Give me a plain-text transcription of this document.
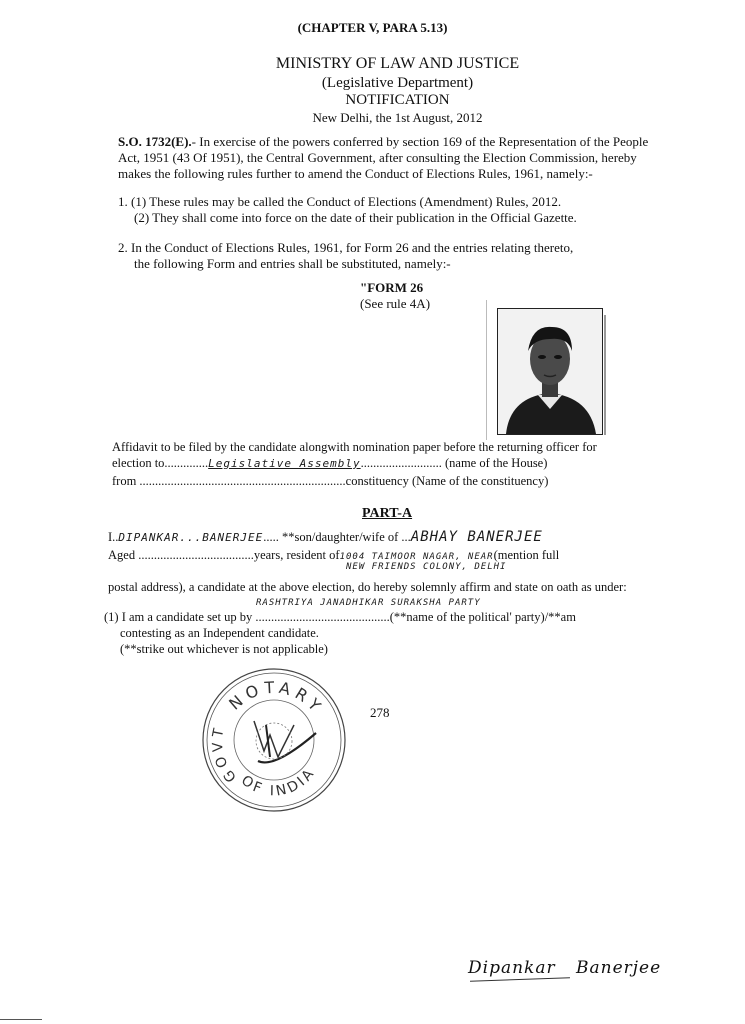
(CHAPTER V, PARA 5.13)
MINISTRY OF LAW AND JUSTICE
(Legislative Department)
NOTIFICATION
New Delhi, the 1st August, 2012
S.O. 1732(E).- In exercise of the powers conferred by section 169 of the Representation of the People
Act, 1951 (43 Of 1951), the Central Government, after consulting the Election Commission, hereby
makes the following rules further to amend the Conduct of Elections Rules, 1961, namely:-
1. (1) These rules may be called the Conduct of Elections (Amendment) Rules, 2012.
(2) They shall come into force on the date of their publication in the Official Gazette.
2. In the Conduct of Elections Rules, 1961, for Form 26 and the entries relating thereto,
the following Form and entries shall be substituted, namely:-
"FORM 26
(See rule 4A)
Affidavit to be filed by the candidate alongwith nomination paper before the returning officer for
election to..............Legislative Assembly.......................... (name of the House)
from ..................................................................constituency (Name of the constituency)
PART-A
I..DIPANKAR...BANERJEE..... **son/daughter/wife of ...ABHAY BANERJEE
Aged .....................................years, resident of1004 TAIMOOR NAGAR, NEAR(mention full
NEW FRIENDS COLONY, DELHI
postal address), a candidate at the above election, do hereby solemnly affirm and state on oath as under:
RASHTRIYA JANADHIKAR SURAKSHA PARTY
(1) I am a candidate set up by ...........................................(**name of the political' party)/**am
contesting as an Independent candidate.
(**strike out whichever is not applicable)
NOTARY
GOVT
OF INDIA
278
Dipankar Banerjee
